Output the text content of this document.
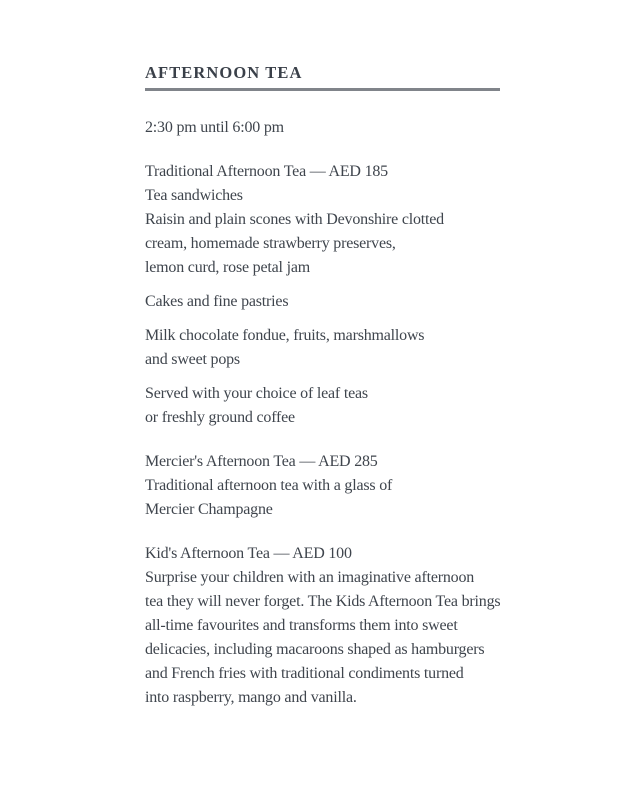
AFTERNOON TEA

2:30 pm until 6:00 pm

Traditional Afternoon Tea — AED 185
Tea sandwiches
Raisin and plain scones with Devonshire clotted
cream, homemade strawberry preserves,
lemon curd, rose petal jam
Cakes and fine pastries
Milk chocolate fondue, fruits, marshmallows
and sweet pops
Served with your choice of leaf teas
or freshly ground coffee
Mercier's Afternoon Tea — AED 285
Traditional afternoon tea with a glass of
Mercier Champagne
Kid's Afternoon Tea — AED 100
Surprise your children with an imaginative afternoon
tea they will never forget. The Kids Afternoon Tea brings
all-time favourites and transforms them into sweet
delicacies, including macaroons shaped as hamburgers
and French fries with traditional condiments turned
into raspberry, mango and vanilla.
